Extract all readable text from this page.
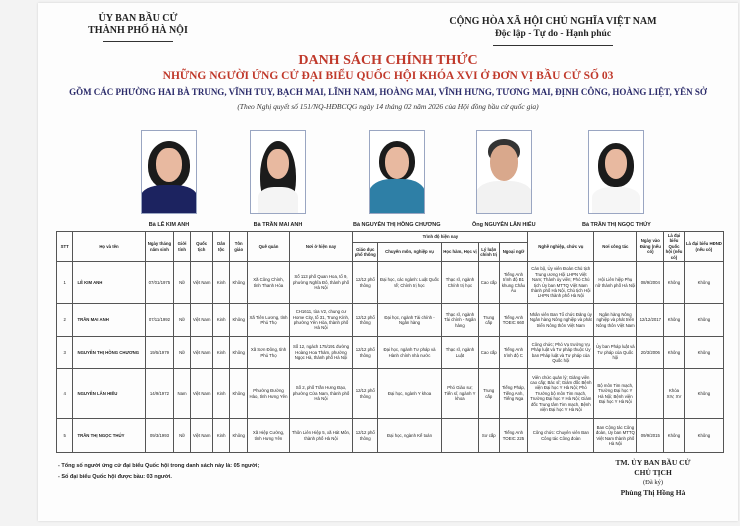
ỦY BAN BẦU CỬ
THÀNH PHỐ HÀ NỘI
CỘNG HÒA XÃ HỘI CHỦ NGHĨA VIỆT NAM
Độc lập - Tự do - Hạnh phúc
DANH SÁCH CHÍNH THỨC
NHỮNG NGƯỜI ỨNG CỬ ĐẠI BIỂU QUỐC HỘI KHÓA XVI Ở ĐƠN VỊ BẦU CỬ SỐ 03
GỒM CÁC PHƯỜNG HAI BÀ TRUNG, VĨNH TUY, BẠCH MAI, LĨNH NAM, HOÀNG MAI, VĨNH HƯNG, TƯƠNG MAI, ĐỊNH CÔNG, HOÀNG LIỆT, YÊN SỞ
(Theo Nghị quyết số 151/NQ-HĐBCQG ngày 14 tháng 02 năm 2026 của Hội đồng bầu cử quốc gia)
Bà LÊ KIM ANH	Bà TRẦN MAI ANH	Bà NGUYỄN THỊ HỒNG CHƯƠNG	Ông NGUYỄN LÂN HIẾU	Bà TRẦN THỊ NGỌC THÚY
STT	Họ và tên	Ngày tháng năm sinh	Giới tính	Quốc tịch	Dân tộc	Tôn giáo	Quê quán	Nơi ở hiện nay	Trình độ hiện nay					Nghề nghiệp, chức vụ	Nơi công tác	Ngày vào Đảng (nếu có)	Là đại biểu Quốc hội (nếu có)	Là đại biểu HĐND (nếu có)
									Giáo dục phổ thông	Chuyên môn, nghiệp vụ	Học hàm, Học vị	Lý luận chính trị	Ngoại ngữ					
1	LÊ KIM ANH	07/01/1975	Nữ	Việt Nam	Kinh	Không	Xã Công Chính, tỉnh Thanh Hóa	Số 113 phố Quan Hoa, tổ 9, phường Nghĩa Đô, thành phố Hà Nội	12/12 phổ thông	Đại học, các ngành: Luật Quốc tế; Chính trị học	Thạc sĩ, ngành Chính trị học	Cao cấp	Tiếng Anh trình độ B1 khung Châu Âu	Cán bộ, Ủy viên Đoàn Chủ tịch Trung ương Hội LHPN Việt Nam; Thành ủy viên; Phó Chủ tịch Ủy ban MTTQ Việt Nam thành phố Hà Nội, Chủ tịch Hội LHPN thành phố Hà Nội	Hội Liên hiệp Phụ nữ thành phố Hà Nội	08/9/2004	Không	Không
2	TRẦN MAI ANH	07/11/1992	Nữ	Việt Nam	Kinh	Không	Xã Tiên Lương, tỉnh Phú Thọ	CH1611, tòa V2, chung cư Home City, tổ 31, Trung Kính, phường Yên Hòa, thành phố Hà Nội	12/12 phổ thông	Đại học, ngành Tài chính - Ngân hàng	Thạc sĩ, ngành Tài chính - Ngân hàng	Trung cấp	Tiếng Anh TOEIC 660	Nhân viên Ban Tổ chức Đảng ủy Ngân hàng Nông nghiệp và phát triển Nông thôn Việt Nam	Ngân hàng Nông nghiệp và phát triển Nông thôn Việt Nam	12/12/2017	Không	Không
3	NGUYỄN THỊ HỒNG CHƯƠNG	19/5/1979	Nữ	Việt Nam	Kinh	Không	Xã Sơn Đông, tỉnh Phú Thọ	Số 12, ngách 175/191 đường Hoàng Hoa Thám, phường Ngọc Hà, thành phố Hà Nội	12/12 phổ thông	Đại học, ngành Tư pháp và Hành chính nhà nước	Thạc sĩ, ngành Luật	Cao cấp	Tiếng Anh trình độ C	Công chức; Phó Vụ trưởng Vụ Pháp luật và Tư pháp thuộc Ủy ban Pháp luật và Tư pháp của Quốc hội	Ủy ban Pháp luật và Tư pháp của Quốc hội	20/3/2006	Không	Không
4	NGUYỄN LÂN HIẾU	14/9/1972	Nam	Việt Nam	Kinh	Không	Phường Đường Hào, tỉnh Hưng Yên	Số 2, phố Trần Hưng Đạo, phường Cửa Nam, thành phố Hà Nội	12/12 phổ thông	Đại học, ngành Y khoa	Phó Giáo sư; Tiến sĩ, ngành Y khoa	Trung cấp	Tiếng Pháp, Tiếng Anh, Tiếng Nga	Viên chức quản lý; Giảng viên cao cấp; Bác sĩ; Giám đốc Bệnh viện Đại học Y Hà Nội; Phó Trưởng bộ môn Tim mạch, Trường Đại học Y Hà Nội; Giám đốc Trung tâm Tim mạch, Bệnh viện Đại học Y Hà Nội	Bộ môn Tim mạch, Trường Đại học Y Hà Nội; Bệnh viện Đại học Y Hà Nội		Khóa XIV, XV	Không
5	TRẦN THỊ NGỌC THÚY	09/3/1993	Nữ	Việt Nam	Kinh	Không	Xã Hiệp Cường, tỉnh Hưng Yên	Thôn Liên Hiệp 5, xã Hát Môn, thành phố Hà Nội	12/12 phổ thông	Đại học, ngành Kế toán		Sơ cấp	Tiếng Anh TOEIC 225	Công chức: Chuyên viên Ban Công tác Công đoàn	Ban Công tác Công đoàn, Ủy ban MTTQ Việt Nam thành phố Hà Nội	09/9/2015	Không	Không
- Tổng số người ứng cử đại biểu Quốc hội trong danh sách này là: 05 người;
- Số đại biểu Quốc hội được bầu: 03 người.
TM. ỦY BAN BẦU CỬ
CHỦ TỊCH
(Đã ký)
Phùng Thị Hồng Hà
